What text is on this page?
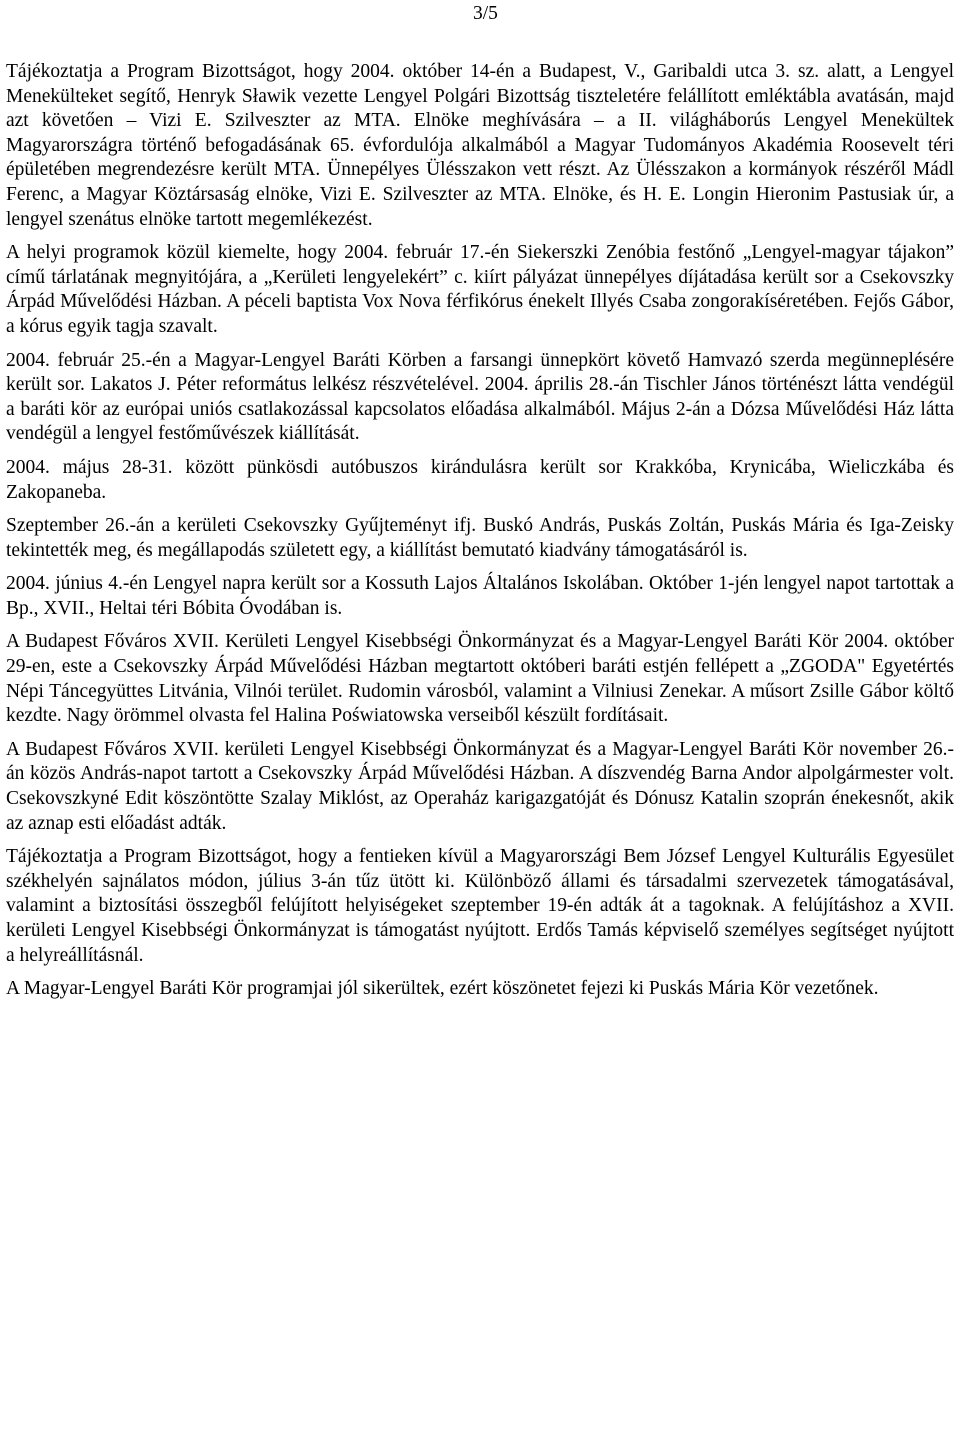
3/5

Tájékoztatja a Program Bizottságot, hogy 2004. október 14-én a Budapest, V., Garibaldi utca 3. sz. alatt, a Lengyel Menekülteket segítő, Henryk Sławik vezette Lengyel Polgári Bizottság tiszteletére felállított emléktábla avatásán, majd azt követően – Vizi E. Szilveszter az MTA. Elnöke meghívására – a II. világháborús Lengyel Menekültek Magyarországra történő befogadásának 65. évfordulója alkalmából a Magyar Tudományos Akadémia Roosevelt téri épületében megrendezésre került MTA. Ünnepélyes Ülésszakon vett részt. Az Ülésszakon a kormányok részéről Mádl Ferenc, a Magyar Köztársaság elnöke, Vizi E. Szilveszter az MTA. Elnöke, és H. E. Longin Hieronim Pastusiak úr, a lengyel szenátus elnöke tartott megemlékezést.

A helyi programok közül kiemelte, hogy 2004. február 17.-én Siekerszki Zenóbia festőnő „Lengyel-magyar tájakon” című tárlatának megnyitójára, a „Kerületi lengyelekért” c. kiírt pályázat ünnepélyes díjátadása került sor a Csekovszky Árpád Művelődési Házban. A péceli baptista Vox Nova férfikórus énekelt Illyés Csaba zongorakíséretében. Fejős Gábor, a kórus egyik tagja szavalt.

2004. február 25.-én a Magyar-Lengyel Baráti Körben a farsangi ünnepkört követő Hamvazó szerda megünneplésére került sor. Lakatos J. Péter református lelkész részvételével. 2004. április 28.-án Tischler János történészt látta vendégül a baráti kör az európai uniós csatlakozással kapcsolatos előadása alkalmából. Május 2-án a Dózsa Művelődési Ház látta vendégül a lengyel festőművészek kiállítását.

2004. május 28-31. között pünkösdi autóbuszos kirándulásra került sor Krakkóba, Krynicába, Wieliczkába és Zakopaneba.

Szeptember 26.-án a kerületi Csekovszky Gyűjteményt ifj. Buskó András, Puskás Zoltán, Puskás Mária és Iga-Zeisky tekintették meg, és megállapodás született egy, a kiállítást bemutató kiadvány támogatásáról is.

2004. június 4.-én Lengyel napra került sor a Kossuth Lajos Általános Iskolában. Október 1-jén lengyel napot tartottak a Bp., XVII., Heltai téri Bóbita Óvodában is.

A Budapest Főváros XVII. Kerületi Lengyel Kisebbségi Önkormányzat és a Magyar-Lengyel Baráti Kör 2004. október 29-en, este a Csekovszky Árpád Művelődési Házban megtartott októberi baráti estjén fellépett a „ZGODA" Egyetértés Népi Táncegyüttes Litvánia, Vilnói terület. Rudomin városból, valamint a Vilniusi Zenekar. A műsort Zsille Gábor költő kezdte. Nagy örömmel olvasta fel Halina Poświatowska verseiből készült fordításait.

A Budapest Főváros XVII. kerületi Lengyel Kisebbségi Önkormányzat és a Magyar-Lengyel Baráti Kör november 26.-án közös András-napot tartott a Csekovszky Árpád Művelődési Házban. A díszvendég Barna Andor alpolgármester volt. Csekovszkyné Edit köszöntötte Szalay Miklóst, az Operaház karigazgatóját és Dónusz Katalin szoprán énekesnőt, akik az aznap esti előadást adták.

Tájékoztatja a Program Bizottságot, hogy a fentieken kívül a Magyarországi Bem József Lengyel Kulturális Egyesület székhelyén sajnálatos módon, július 3-án tűz ütött ki. Különböző állami és társadalmi szervezetek támogatásával, valamint a biztosítási összegből felújított helyiségeket szeptember 19-én adták át a tagoknak. A felújításhoz a XVII. kerületi Lengyel Kisebbségi Önkormányzat is támogatást nyújtott. Erdős Tamás képviselő személyes segítséget nyújtott a helyreállításnál.

A Magyar-Lengyel Baráti Kör programjai jól sikerültek, ezért köszönetet fejezi ki Puskás Mária Kör vezetőnek.
